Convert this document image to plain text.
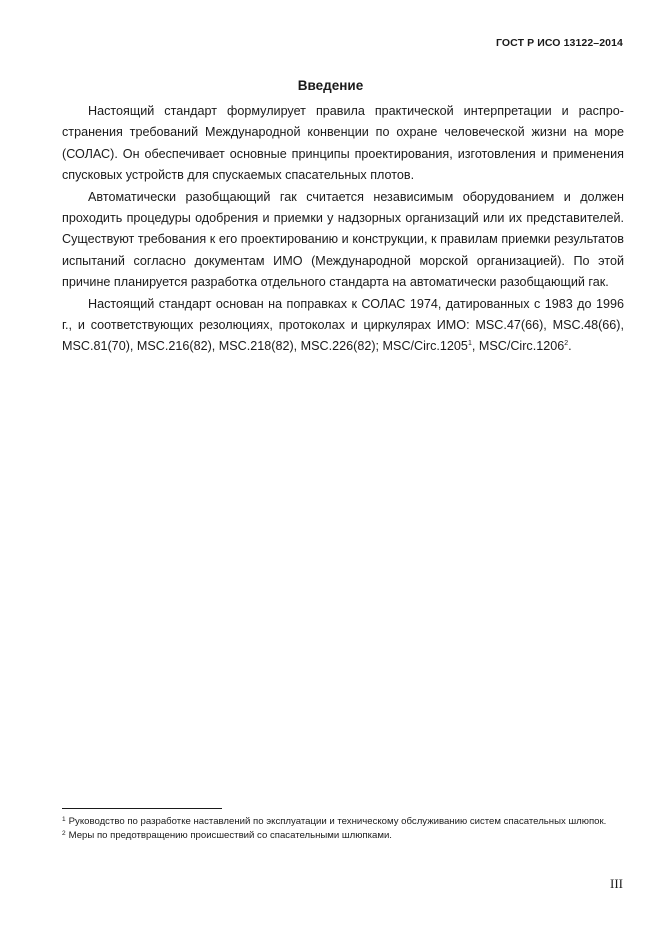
ГОСТ Р ИСО 13122–2014
Введение

Настоящий стандарт формулирует правила практической интерпретации и распространения требований Международной конвенции по охране человеческой жизни на море (СОЛАС). Он обеспечивает основные принципы проектирования, изготовления и применения спусковых устройств для спускаемых спасательных плотов.

Автоматически разобщающий гак считается независимым оборудованием и должен проходить процедуры одобрения и приемки у надзорных организаций или их представителей. Существуют требования к его проектированию и конструкции, к правилам приемки результатов испытаний согласно документам ИМО (Международной морской организацией). По этой причине планируется разработка отдельного стандарта на автоматически разобщающий гак.

Настоящий стандарт основан на поправках к СОЛАС 1974, датированных с 1983 до 1996 г., и соответствующих резолюциях, протоколах и циркулярах ИМО: MSC.47(66), MSC.48(66), MSC.81(70), MSC.216(82), MSC.218(82), MSC.226(82); MSC/Circ.1205$^1$, MSC/Circ.1206$^2$.

$^1$ Руководство по разработке наставлений по эксплуатации и техническому обслуживанию систем спасательных шлюпок.

$^2$ Меры по предотвращению происшествий со спасательными шлюпками.

III
